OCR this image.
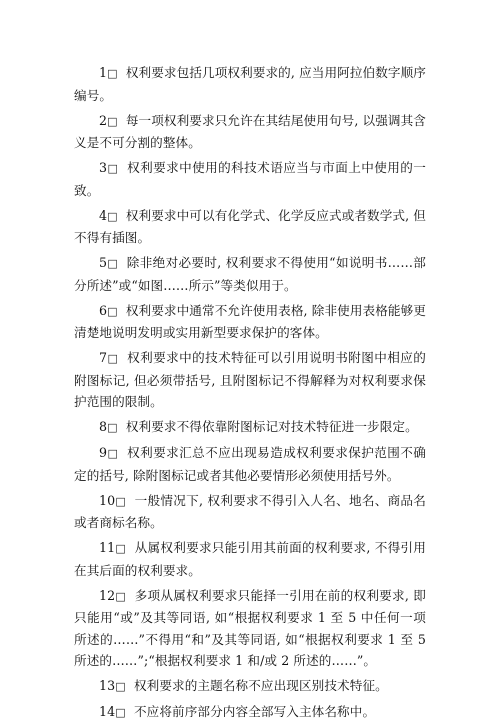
1□ 权利要求包括几项权利要求的, 应当用阿拉伯数字顺序编号。

2□ 每一项权利要求只允许在其结尾使用句号, 以强调其含义是不可分割的整体。

3□ 权利要求中使用的科技术语应当与市面上中使用的一致。

4□ 权利要求中可以有化学式、化学反应式或者数学式, 但不得有插图。

5□ 除非绝对必要时, 权利要求不得使用“如说明书……部分所述”或“如图……所示”等类似用于。

6□ 权利要求中通常不允许使用表格, 除非使用表格能够更清楚地说明发明或实用新型要求保护的客体。

7□ 权利要求中的技术特征可以引用说明书附图中相应的附图标记, 但必须带括号, 且附图标记不得解释为对权利要求保护范围的限制。

8□ 权利要求不得依靠附图标记对技术特征进一步限定。

9□ 权利要求汇总不应出现易造成权利要求保护范围不确定的括号, 除附图标记或者其他必要情形必须使用括号外。

10□ 一般情况下, 权利要求不得引入人名、地名、商品名或者商标名称。

11□ 从属权利要求只能引用其前面的权利要求, 不得引用在其后面的权利要求。

12□ 多项从属权利要求只能择一引用在前的权利要求, 即只能用“或”及其等同语, 如“根据权利要求 1 至 5 中任何一项所述的……”不得用“和”及其等同语, 如“根据权利要求 1 至 5 所述的……”;“根据权利要求 1 和/或 2 所述的……”。

13□ 权利要求的主题名称不应出现区别技术特征。

14□ 不应将前序部分内容全部写入主体名称中。
